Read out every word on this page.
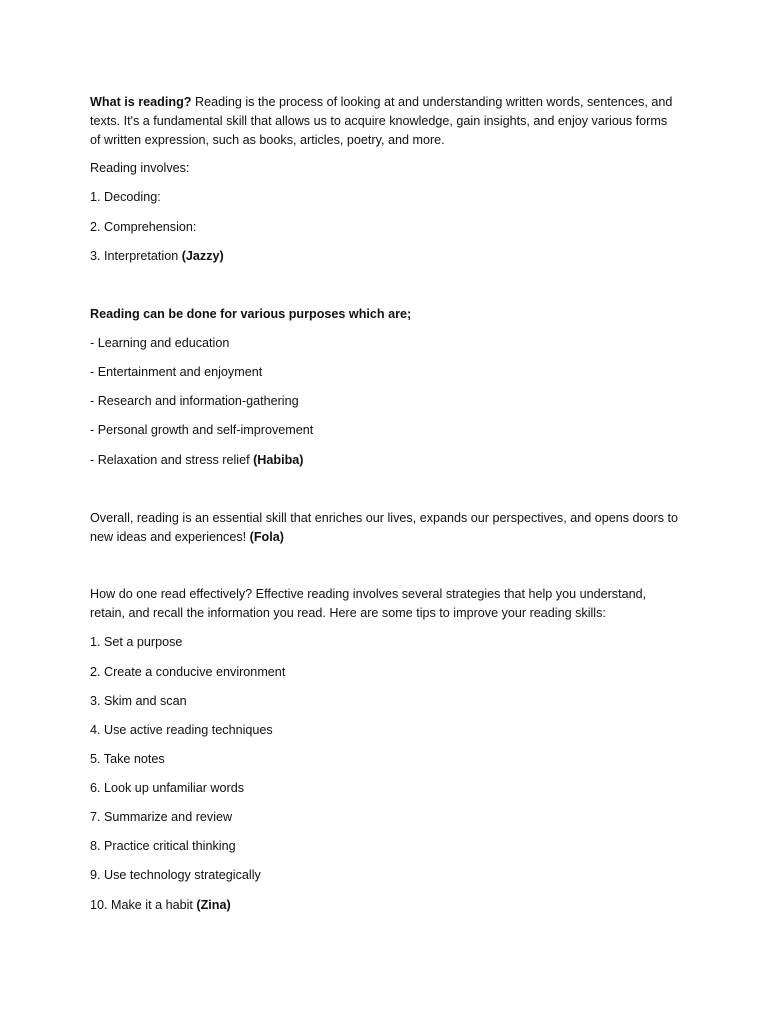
What is reading? Reading is the process of looking at and understanding written words, sentences, and texts. It's a fundamental skill that allows us to acquire knowledge, gain insights, and enjoy various forms of written expression, such as books, articles, poetry, and more.

Reading involves:

1. Decoding:

2. Comprehension:

3. Interpretation (Jazzy)

Reading can be done for various purposes which are;

- Learning and education

- Entertainment and enjoyment

- Research and information-gathering

- Personal growth and self-improvement

- Relaxation and stress relief (Habiba)

Overall, reading is an essential skill that enriches our lives, expands our perspectives, and opens doors to new ideas and experiences! (Fola)

How do one read effectively? Effective reading involves several strategies that help you understand, retain, and recall the information you read. Here are some tips to improve your reading skills:

1. Set a purpose

2. Create a conducive environment

3. Skim and scan

4. Use active reading techniques

5. Take notes

6. Look up unfamiliar words

7. Summarize and review

8. Practice critical thinking

9. Use technology strategically

10. Make it a habit (Zina)
